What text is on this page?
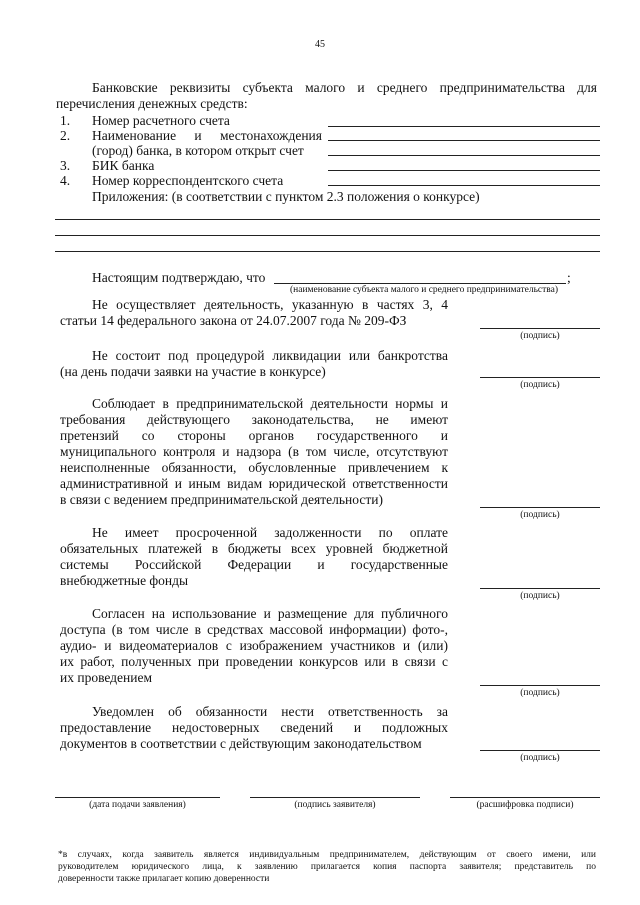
45
Банковские реквизиты субъекта малого и среднего предпринимательства для
перечисления денежных средств:
1. Номер расчетного счета
2. Наименование и местонахождения
(город) банка, в котором открыт счет
3. БИК банка
4. Номер корреспондентского счета
Приложения: (в соответствии с пунктом 2.3 положения о конкурсе)
Настоящим подтверждаю, что	;
(наименование субъекта малого и среднего предпринимательства)
Не осуществляет деятельность, указанную в частях 3, 4
статьи 14 федерального закона от 24.07.2007 года № 209-ФЗ
(подпись)
Не состоит под процедурой ликвидации или банкротства
(на день подачи заявки на участие в конкурсе)
(подпись)
Соблюдает в предпринимательской деятельности нормы и
требования действующего законодательства, не имеют
претензий со стороны органов государственного и
муниципального контроля и надзора (в том числе, отсутствуют
неисполненные обязанности, обусловленные привлечением к
административной и иным видам юридической ответственности
в связи с ведением предпринимательской деятельности)
(подпись)
Не имеет просроченной задолженности по оплате
обязательных платежей в бюджеты всех уровней бюджетной
системы Российской Федерации и государственные
внебюджетные фонды
(подпись)
Согласен на использование и размещение для публичного
доступа (в том числе в средствах массовой информации) фото-,
аудио- и видеоматериалов с изображением участников и (или)
их работ, полученных при проведении конкурсов или в связи с
их проведением
(подпись)
Уведомлен об обязанности нести ответственность за
предоставление недостоверных сведений и подложных
документов в соответствии с действующим законодательством
(подпись)
(дата подачи заявления)	(подпись заявителя)	(расшифровка подписи)
*в случаях, когда заявитель является индивидуальным предпринимателем, действующим от своего имени, или
руководителем юридического лица, к заявлению прилагается копия паспорта заявителя; представитель по
доверенности также прилагает копию доверенности
